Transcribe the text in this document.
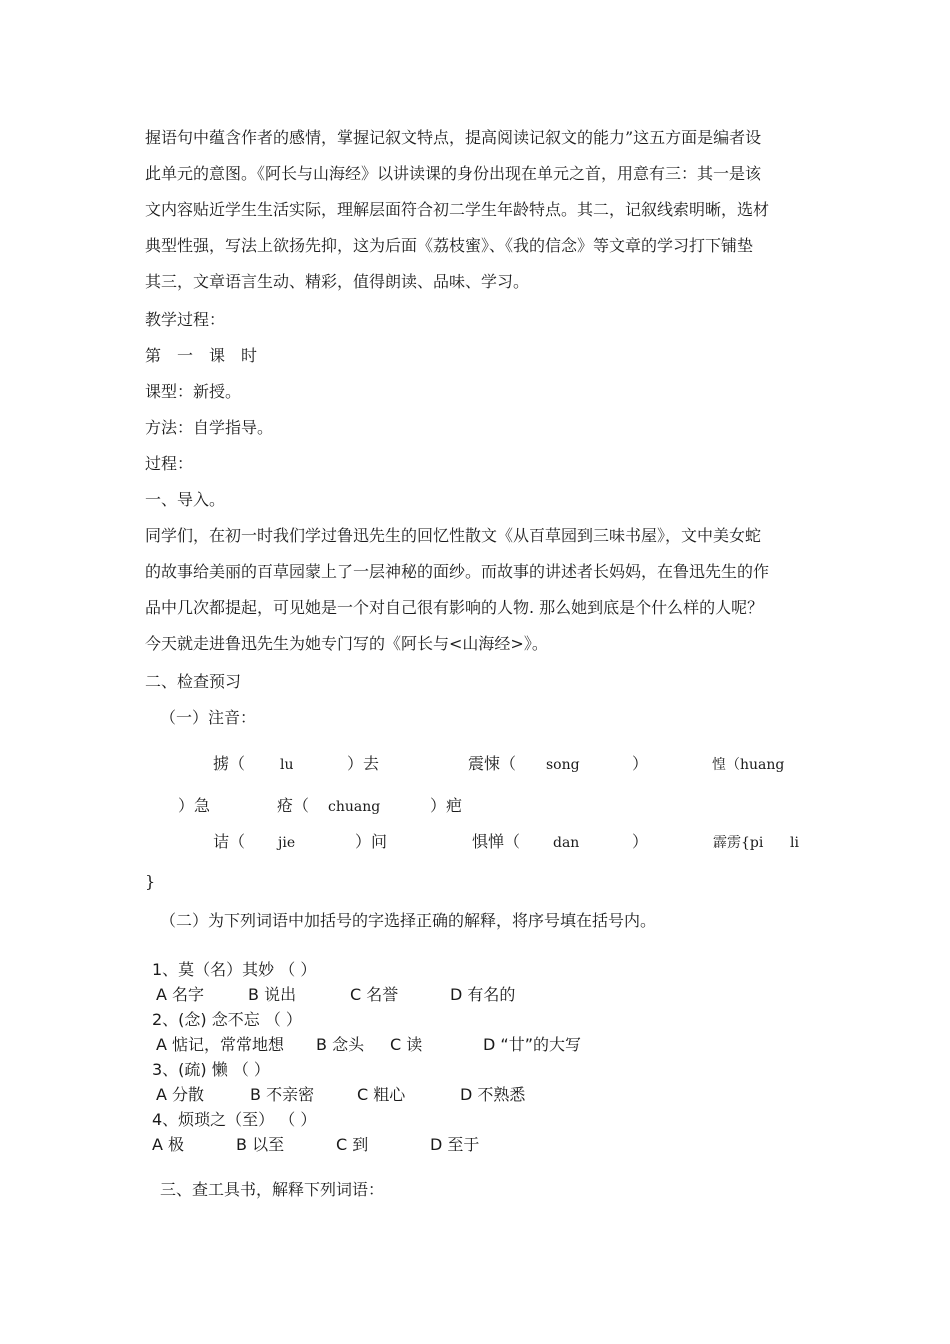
握语句中蕴含作者的感情，掌握记叙文特点，提高阅读记叙文的能力”这五方面是编者设
此单元的意图。《阿长与山海经》以讲读课的身份出现在单元之首，用意有三：其一是该
文内容贴近学生生活实际，理解层面符合初二学生年龄特点。其二，记叙线索明晰，选材
典型性强，写法上欲扬先抑，这为后面《荔枝蜜》、《我的信念》等文章的学习打下铺垫
其三，文章语言生动、精彩，值得朗读、品味、学习。
教学过程：
第　一　课　时
课型：新授。
方法：自学指导。
过程：
一、导入。
同学们，在初一时我们学过鲁迅先生的回忆性散文《从百草园到三味书屋》，文中美女蛇
的故事给美丽的百草园蒙上了一层神秘的面纱。而故事的讲述者长妈妈，在鲁迅先生的作
品中几次都提起，可见她是一个对自己很有影响的人物. 那么她到底是个什么样的人呢？
今天就走进鲁迅先生为她专门写的《阿长与<山海经>》。
二、检查预习
（一）注音：
掳（ lu	）去	震悚（ song	）	惶（huang
）急	疮（ chuang	）疤
诘（ jie	）问	惧惮（ dan	）	霹雳{pi li
}
（二）为下列词语中加括号的字选择正确的解释，将序号填在括号内。
1、莫（名）其妙 （ ）
A 名字	B 说出	C 名誉	D 有名的
2、(念) 念不忘 （ ）
A 惦记，常常地想 B 念头 C 读	D “廿”的大写
3、(疏) 懒 （ ）
A 分散	B 不亲密	C 粗心	D 不熟悉
4、烦琐之（至） （ ）
A 极	B 以至	C 到	D 至于
三、查工具书，解释下列词语：
